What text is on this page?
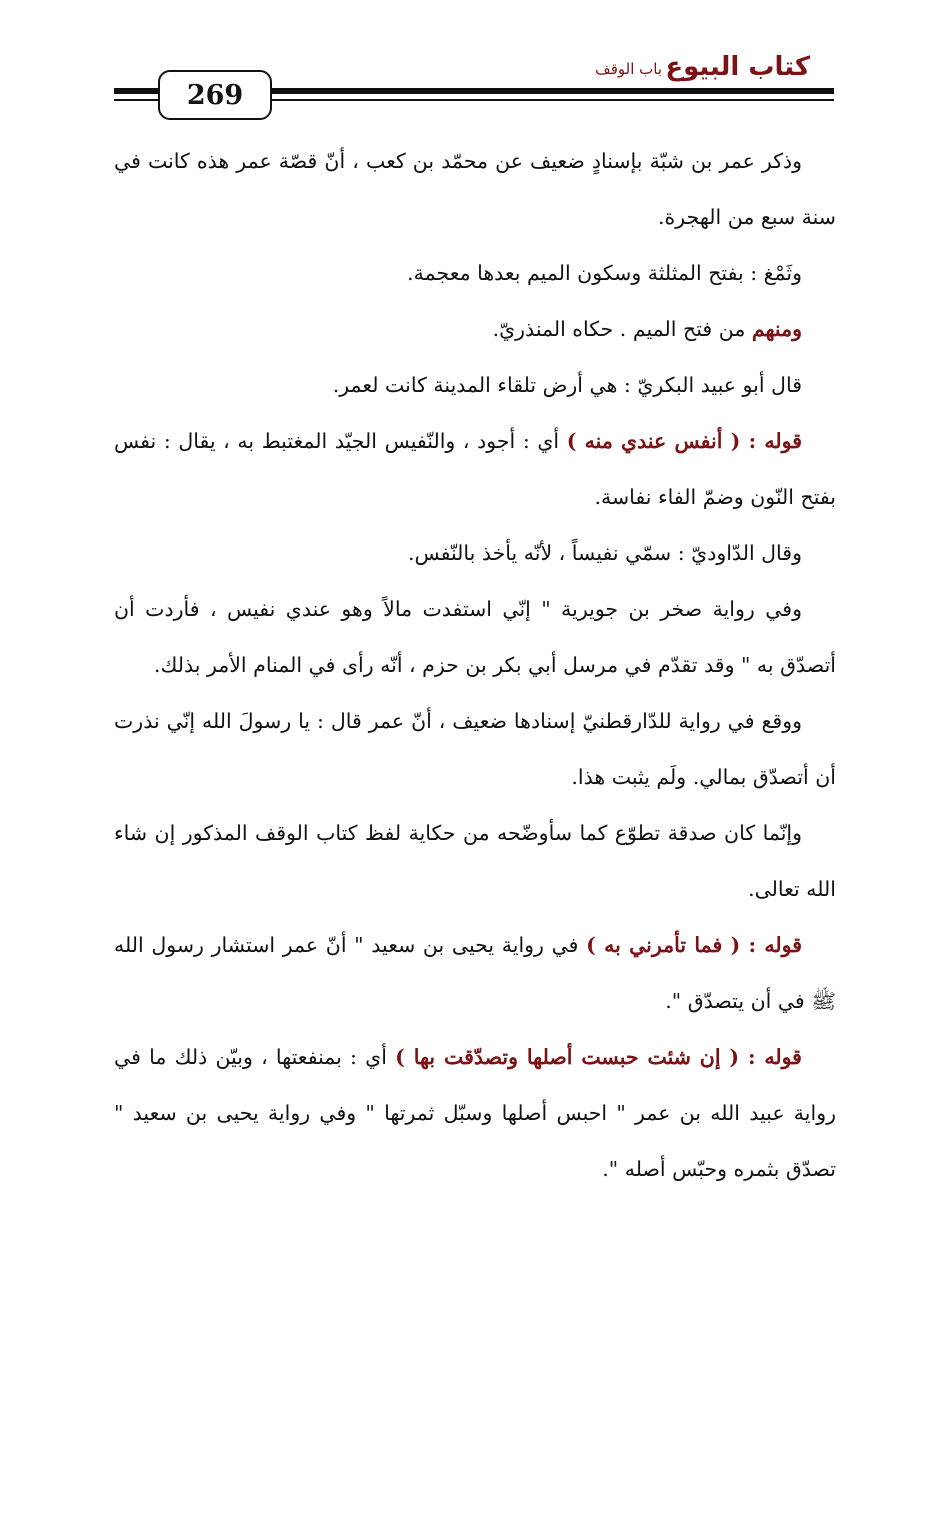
كتاب البيوع
باب الوقف
269

وذكر عمر بن شبّة بإسنادٍ ضعيف عن محمّد بن كعب ، أنّ قصّة عمر هذه كانت في سنة سبع من الهجرة.

وثَمْغ : بفتح المثلثة وسكون الميم بعدها معجمة.

ومنهم من فتح الميم . حكاه المنذريّ.

قال أبو عبيد البكريّ : هي أرض تلقاء المدينة كانت لعمر.

قوله : ( أنفس عندي منه ) أي : أجود ، والنّفيس الجيّد المغتبط به ، يقال : نفس بفتح النّون وضمّ الفاء نفاسة.

وقال الدّاوديّ : سمّي نفيساً ، لأنّه يأخذ بالنّفس.

وفي رواية صخر بن جويرية " إنّي استفدت مالاً وهو عندي نفيس ، فأردت أن أتصدّق به " وقد تقدّم في مرسل أبي بكر بن حزم ، أنّه رأى في المنام الأمر بذلك.

ووقع في رواية للدّارقطنيّ إسنادها ضعيف ، أنّ عمر قال : يا رسولَ الله إنّي نذرت أن أتصدّق بمالي. ولَم يثبت هذا.

وإنّما كان صدقة تطوّع كما سأوضّحه من حكاية لفظ كتاب الوقف المذكور إن شاء الله تعالى.

قوله : ( فما تأمرني به ) في رواية يحيى بن سعيد " أنّ عمر استشار رسول الله ﷺ في أن يتصدّق ".

قوله : ( إن شئت حبست أصلها وتصدّقت بها ) أي : بمنفعتها ، وبيّن ذلك ما في رواية عبيد الله بن عمر " احبس أصلها وسبّل ثمرتها " وفي رواية يحيى بن سعيد " تصدّق بثمره وحبّس أصله ".
